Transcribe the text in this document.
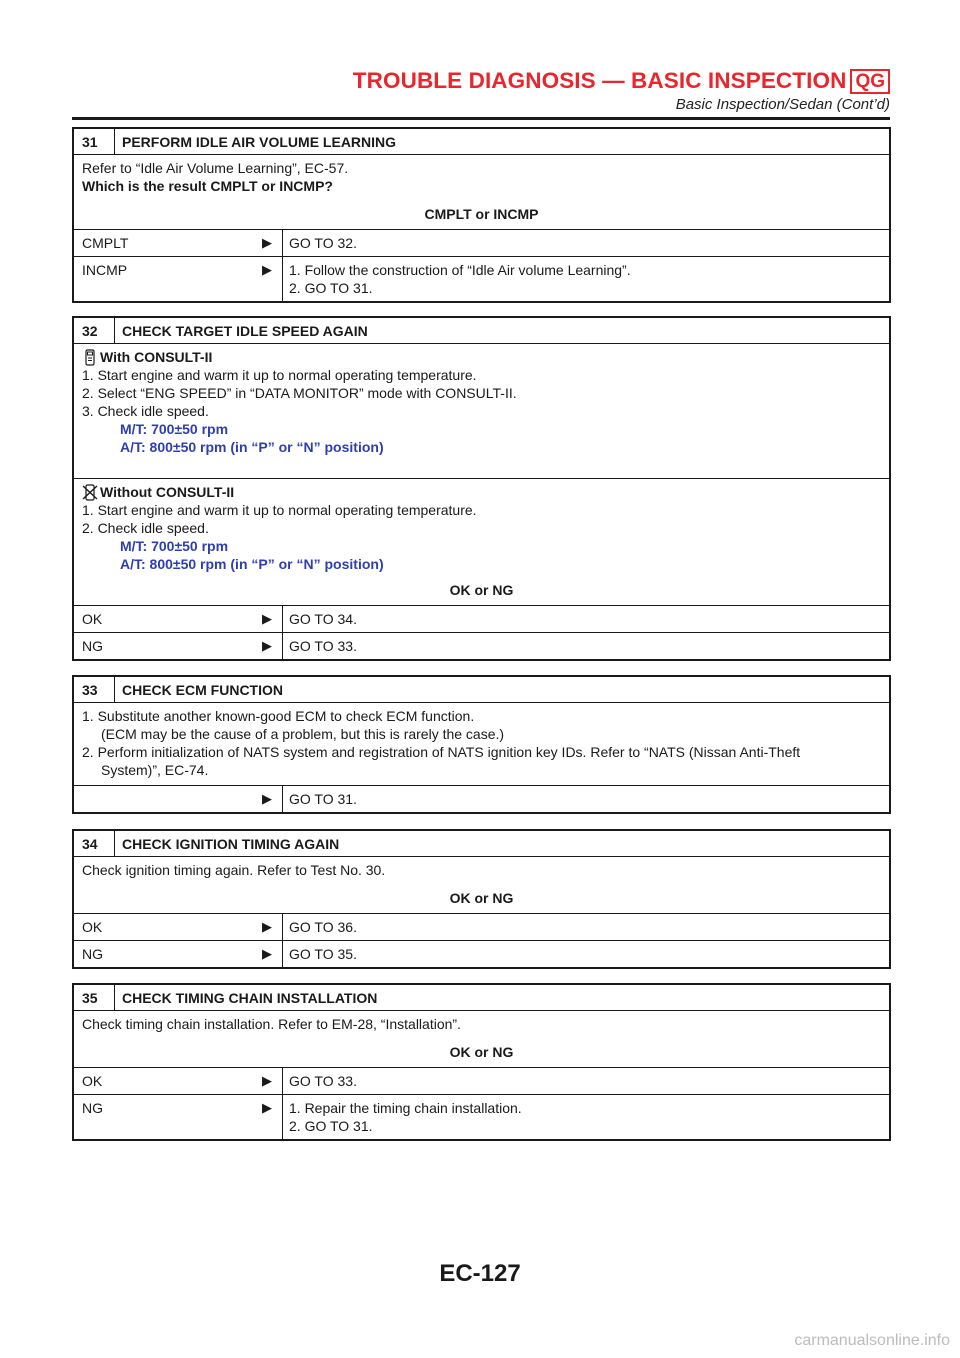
TROUBLE DIAGNOSIS — BASIC INSPECTION QG
Basic Inspection/Sedan (Cont’d)
31	PERFORM IDLE AIR VOLUME LEARNING
Refer to “Idle Air Volume Learning”, EC-57.
Which is the result CMPLT or INCMP?
CMPLT or INCMP
CMPLT	▶	GO TO 32.
INCMP	▶	1. Follow the construction of “Idle Air volume Learning”.
2. GO TO 31.
32	CHECK TARGET IDLE SPEED AGAIN
With CONSULT-II
1. Start engine and warm it up to normal operating temperature.
2. Select “ENG SPEED” in “DATA MONITOR” mode with CONSULT-II.
3. Check idle speed.
M/T: 700±50 rpm
A/T: 800±50 rpm (in “P” or “N” position)
Without CONSULT-II
1. Start engine and warm it up to normal operating temperature.
2. Check idle speed.
M/T: 700±50 rpm
A/T: 800±50 rpm (in “P” or “N” position)
OK or NG
OK	▶	GO TO 34.
NG	▶	GO TO 33.
33	CHECK ECM FUNCTION
1. Substitute another known-good ECM to check ECM function.
(ECM may be the cause of a problem, but this is rarely the case.)
2. Perform initialization of NATS system and registration of NATS ignition key IDs. Refer to “NATS (Nissan Anti-Theft
System)”, EC-74.
▶	GO TO 31.
34	CHECK IGNITION TIMING AGAIN
Check ignition timing again. Refer to Test No. 30.
OK or NG
OK	▶	GO TO 36.
NG	▶	GO TO 35.
35	CHECK TIMING CHAIN INSTALLATION
Check timing chain installation. Refer to EM-28, “Installation”.
OK or NG
OK	▶	GO TO 33.
NG	▶	1. Repair the timing chain installation.
2. GO TO 31.
EC-127
carmanualsonline.info
